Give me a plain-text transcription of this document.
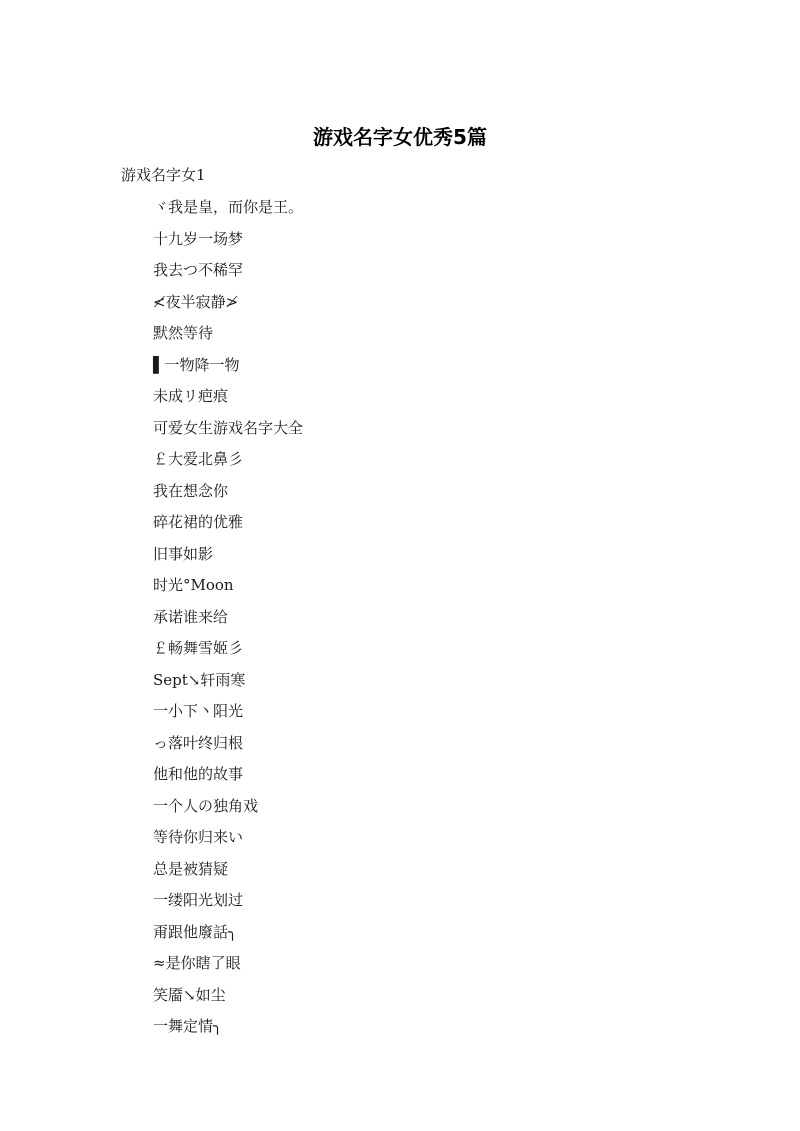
游戏名字女优秀5篇
游戏名字女1
ヾ我是皇，而你是王。
十九岁一场梦
我去つ不稀罕
≮夜半寂静≯
默然等待
▌一物降一物
未成リ疤痕
可爱女生游戏名字大全
￡大爱北鼻彡
我在想念你
碎花裙的优雅
旧事如影
时光°Moon
承诺谁来给
￡畅舞雪姬彡
Sept↘轩雨寒
一小下丶阳光
っ落叶终归根
他和他的故事
一个人の独角戏
等待你归来い
总是被猜疑
一缕阳光划过
甭跟他廢話╮
≈是你瞎了眼
笑靥↘如尘
一舞定情╮
